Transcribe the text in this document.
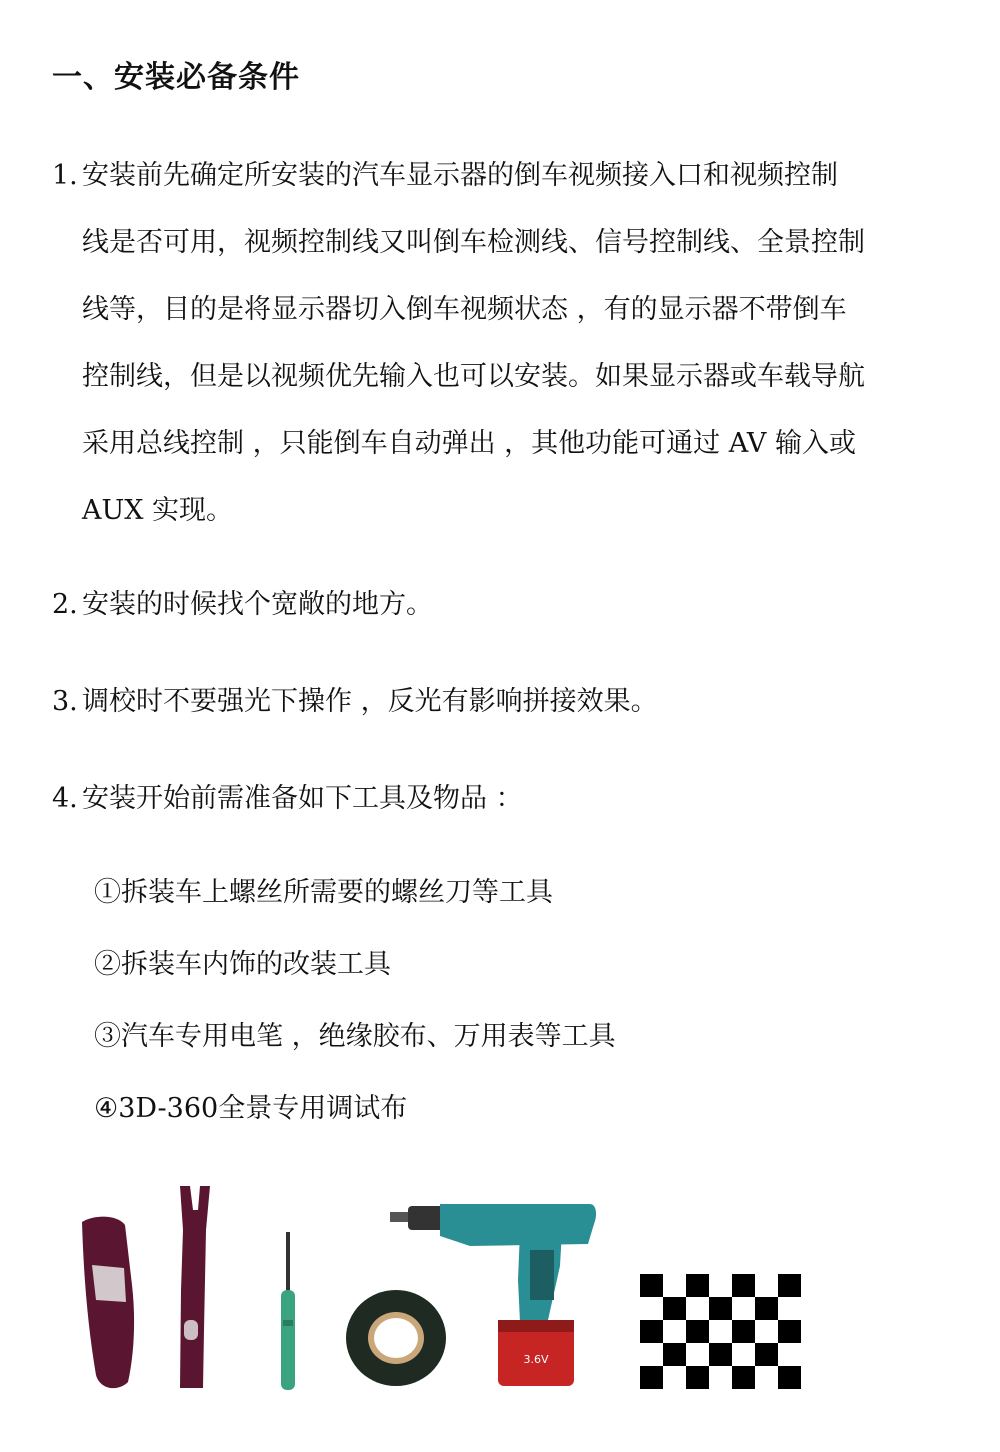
一、安装必备条件
1. 安装前先确定所安装的汽车显示器的倒车视频接入口和视频控制
线是否可用，视频控制线又叫倒车检测线、信号控制线、全景控制
线等，目的是将显示器切入倒车视频状态 ，有的显示器不带倒车
控制线，但是以视频优先输入也可以安装。如果显示器或车载导航
采用总线控制 ，只能倒车自动弹出 ，其他功能可通过 AV 输入或
AUX 实现。
2. 安装的时候找个宽敞的地方。
3. 调校时不要强光下操作 ，反光有影响拼接效果。
4. 安装开始前需准备如下工具及物品 ：
①拆装车上螺丝所需要的螺丝刀等工具
②拆装车内饰的改装工具
③汽车专用电笔 ，绝缘胶布、万用表等工具
④3D-360全景专用调试布
3.6V
